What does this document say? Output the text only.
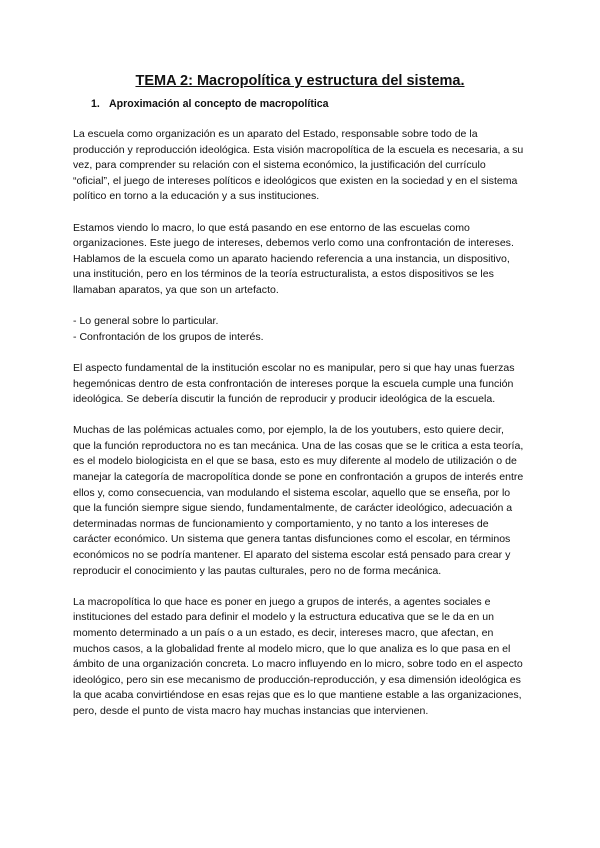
TEMA 2: Macropolítica y estructura del sistema.
1. Aproximación al concepto de macropolítica

La escuela como organización es un aparato del Estado, responsable sobre todo de la producción y reproducción ideológica. Esta visión macropolítica de la escuela es necesaria, a su vez, para comprender su relación con el sistema económico, la justificación del currículo “oficial”, el juego de intereses políticos e ideológicos que existen en la sociedad y en el sistema político en torno a la educación y a sus instituciones.

Estamos viendo lo macro, lo que está pasando en ese entorno de las escuelas como organizaciones. Este juego de intereses, debemos verlo como una confrontación de intereses.

Hablamos de la escuela como un aparato haciendo referencia a una instancia, un dispositivo, una institución, pero en los términos de la teoría estructuralista, a estos dispositivos se les llamaban aparatos, ya que son un artefacto.

- Lo general sobre lo particular.

- Confrontación de los grupos de interés.

El aspecto fundamental de la institución escolar no es manipular, pero si que hay unas fuerzas hegemónicas dentro de esta confrontación de intereses porque la escuela cumple una función ideológica. Se debería discutir la función de reproducir y producir ideológica de la escuela.

Muchas de las polémicas actuales como, por ejemplo, la de los youtubers, esto quiere decir, que la función reproductora no es tan mecánica. Una de las cosas que se le critica a esta teoría, es el modelo biologicista en el que se basa, esto es muy diferente al modelo de utilización o de manejar la categoría de macropolítica donde se pone en confrontación a grupos de interés entre ellos y, como consecuencia, van modulando el sistema escolar, aquello que se enseña, por lo que la función siempre sigue siendo, fundamentalmente, de carácter ideológico, adecuación a determinadas normas de funcionamiento y comportamiento, y no tanto a los intereses de carácter económico. Un sistema que genera tantas disfunciones como el escolar, en términos económicos no se podría mantener. El aparato del sistema escolar está pensado para crear y reproducir el conocimiento y las pautas culturales, pero no de forma mecánica.

La macropolítica lo que hace es poner en juego a grupos de interés, a agentes sociales e instituciones del estado para definir el modelo y la estructura educativa que se le da en un momento determinado a un país o a un estado, es decir, intereses macro, que afectan, en muchos casos, a la globalidad frente al modelo micro, que lo que analiza es lo que pasa en el ámbito de una organización concreta. Lo macro influyendo en lo micro, sobre todo en el aspecto ideológico, pero sin ese mecanismo de producción-reproducción, y esa dimensión ideológica es la que acaba convirtiéndose en esas rejas que es lo que mantiene estable a las organizaciones, pero, desde el punto de vista macro hay muchas instancias que intervienen.
